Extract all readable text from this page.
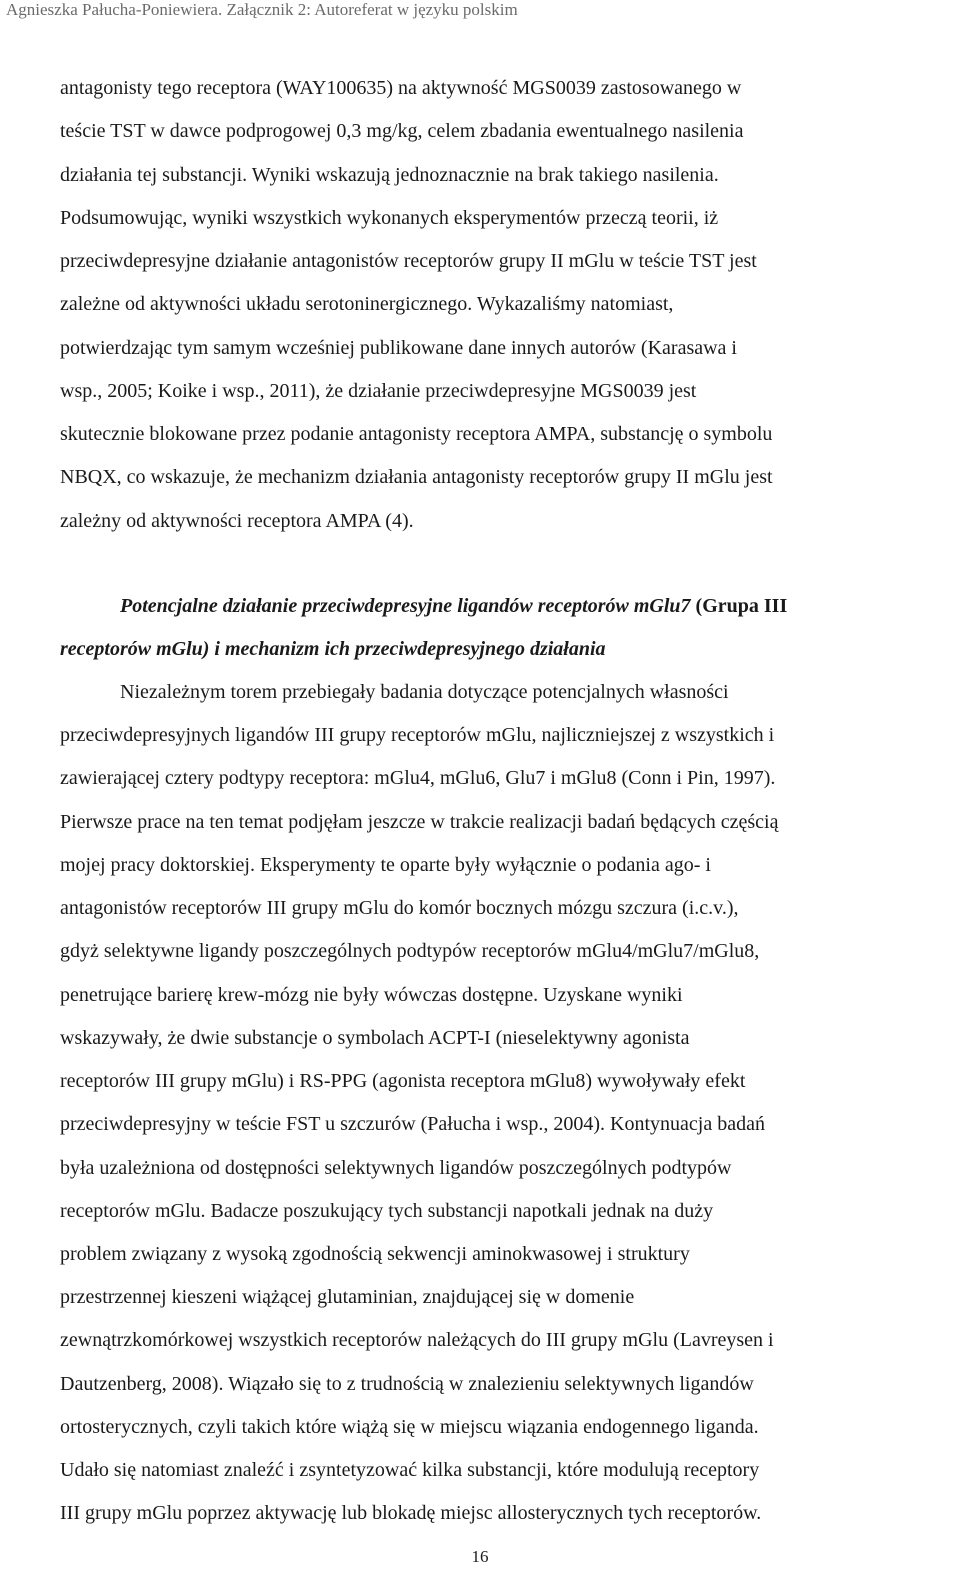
Agnieszka Pałucha-Poniewiera. Załącznik 2: Autoreferat w języku polskim
antagonisty tego receptora (WAY100635) na aktywność MGS0039 zastosowanego w
teście TST w dawce podprogowej 0,3 mg/kg, celem zbadania ewentualnego nasilenia
działania tej substancji. Wyniki wskazują jednoznacznie na brak takiego nasilenia.
Podsumowując, wyniki wszystkich wykonanych eksperymentów przeczą teorii, iż
przeciwdepresyjne działanie antagonistów receptorów grupy II mGlu w teście TST jest
zależne od aktywności układu serotoninergicznego. Wykazaliśmy natomiast,
potwierdzając tym samym wcześniej publikowane dane innych autorów (Karasawa i
wsp., 2005; Koike i wsp., 2011), że działanie przeciwdepresyjne MGS0039 jest
skutecznie blokowane przez podanie antagonisty receptora AMPA, substancję o symbolu
NBQX, co wskazuje, że mechanizm działania antagonisty receptorów grupy II mGlu jest
zależny od aktywności receptora AMPA (4).
Potencjalne działanie przeciwdepresyjne ligandów receptorów mGlu7 (Grupa III
receptorów mGlu) i mechanizm ich przeciwdepresyjnego działania
Niezależnym torem przebiegały badania dotyczące potencjalnych własności
przeciwdepresyjnych ligandów III grupy receptorów mGlu, najliczniejszej z wszystkich i
zawierającej cztery podtypy receptora: mGlu4, mGlu6, Glu7 i mGlu8 (Conn i Pin, 1997).
Pierwsze prace na ten temat podjęłam jeszcze w trakcie realizacji badań będących częścią
mojej pracy doktorskiej. Eksperymenty te oparte były wyłącznie o podania ago- i
antagonistów receptorów III grupy mGlu do komór bocznych mózgu szczura (i.c.v.),
gdyż selektywne ligandy poszczególnych podtypów receptorów mGlu4/mGlu7/mGlu8,
penetrujące barierę krew-mózg nie były wówczas dostępne. Uzyskane wyniki
wskazywały, że dwie substancje o symbolach ACPT-I (nieselektywny agonista
receptorów III grupy mGlu) i RS-PPG (agonista receptora mGlu8) wywoływały efekt
przeciwdepresyjny w teście FST u szczurów (Pałucha i wsp., 2004). Kontynuacja badań
była uzależniona od dostępności selektywnych ligandów poszczególnych podtypów
receptorów mGlu. Badacze poszukujący tych substancji napotkali jednak na duży
problem związany z wysoką zgodnością sekwencji aminokwasowej i struktury
przestrzennej kieszeni wiążącej glutaminian, znajdującej się w domenie
zewnątrzkomórkowej wszystkich receptorów należących do III grupy mGlu (Lavreysen i
Dautzenberg, 2008). Wiązało się to z trudnością w znalezieniu selektywnych ligandów
ortosterycznych, czyli takich które wiążą się w miejscu wiązania endogennego liganda.
Udało się natomiast znaleźć i zsyntetyzować kilka substancji, które modulują receptory
III grupy mGlu poprzez aktywację lub blokadę miejsc allosterycznych tych receptorów.
16
